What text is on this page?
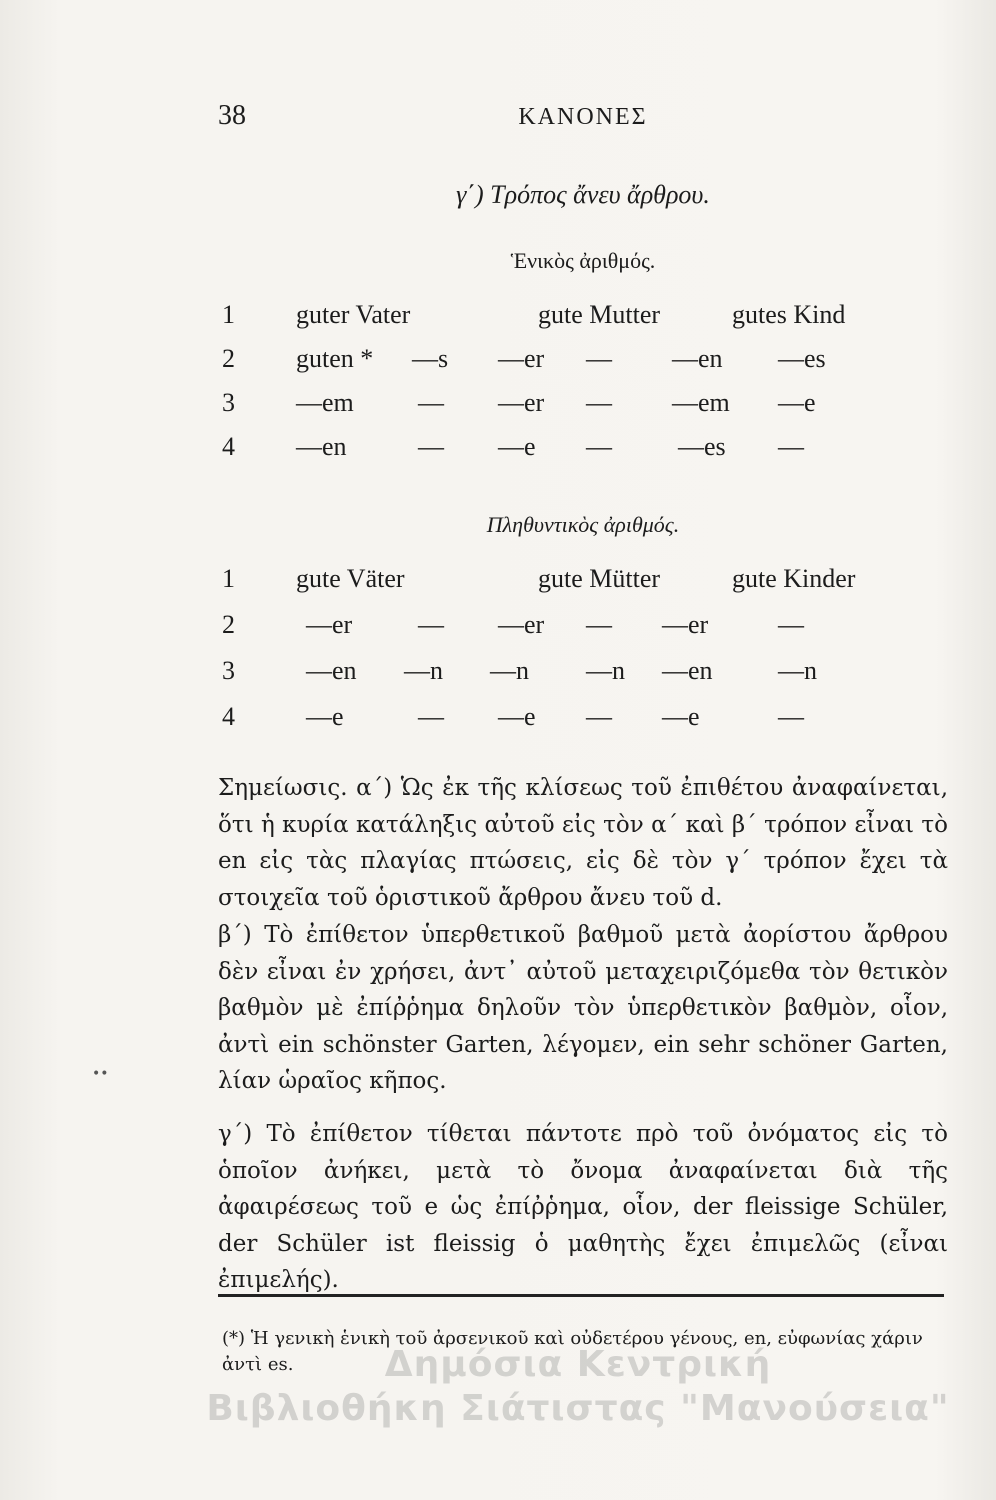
38	ΚΑΝΟΝΕΣ
γ΄) Τρόπος ἄνευ ἄρθρου.
Ἑνικὸς ἀριθμός.
1 guter Vater	gute Mutter	gutes Kind
2 guten * —s —er — —en —es
3 —em — —er — —em —e
4 —en	— —e —	—es —
Πληθυντικὸς ἀριθμός.
1 gute Väter	gute Mütter	gute Kinder
2	—er	— —er — —er	—
3	—en —n —n —n —en	—n
4	—e	— —e — —e	—

Σημείωσις. α΄) Ὡς ἐκ τῆς κλίσεως τοῦ ἐπιθέτου ἀναφαίνεται, ὅτι ἡ κυρία κατάληξις αὐτοῦ εἰς τὸν α΄ καὶ β΄ τρόπον εἶναι τὸ en εἰς τὰς πλαγίας πτώσεις, εἰς δὲ τὸν γ΄ τρόπον ἔχει τὰ στοιχεῖα τοῦ ὁριστικοῦ ἄρθρου ἄνευ τοῦ d.

β΄) Τὸ ἐπίθετον ὑπερθετικοῦ βαθμοῦ μετὰ ἀορίστου ἄρθρου δὲν εἶναι ἐν χρήσει, ἀντ᾽ αὐτοῦ μεταχειριζόμεθα τὸν θετικὸν βαθμὸν μὲ ἐπίῤῥημα δηλοῦν τὸν ὑπερθετικὸν βαθμὸν, οἷον, ἀντὶ ein schönster Garten, λέγομεν, ein sehr schöner Garten, λίαν ὡραῖος κῆπος.

γ΄) Τὸ ἐπίθετον τίθεται πάντοτε πρὸ τοῦ ὀνόματος εἰς τὸ ὁποῖον ἀνήκει, μετὰ τὸ ὄνομα ἀναφαίνεται διὰ τῆς ἀφαιρέσεως τοῦ e ὡς ἐπίῤῥημα, οἷον, der fleissige Schüler, der Schüler ist fleissig ὁ μαθητὴς ἔχει ἐπιμελῶς (εἶναι ἐπιμελής).

(*) Ἡ γενικὴ ἑνικὴ τοῦ ἀρσενικοῦ καὶ οὐδετέρου γένους, en, εὐφωνίας χάριν ἀντὶ es.	Δημόσια Κεντρική
Βιβλιοθήκη Σιάτιστας "Μανούσεια"
••
